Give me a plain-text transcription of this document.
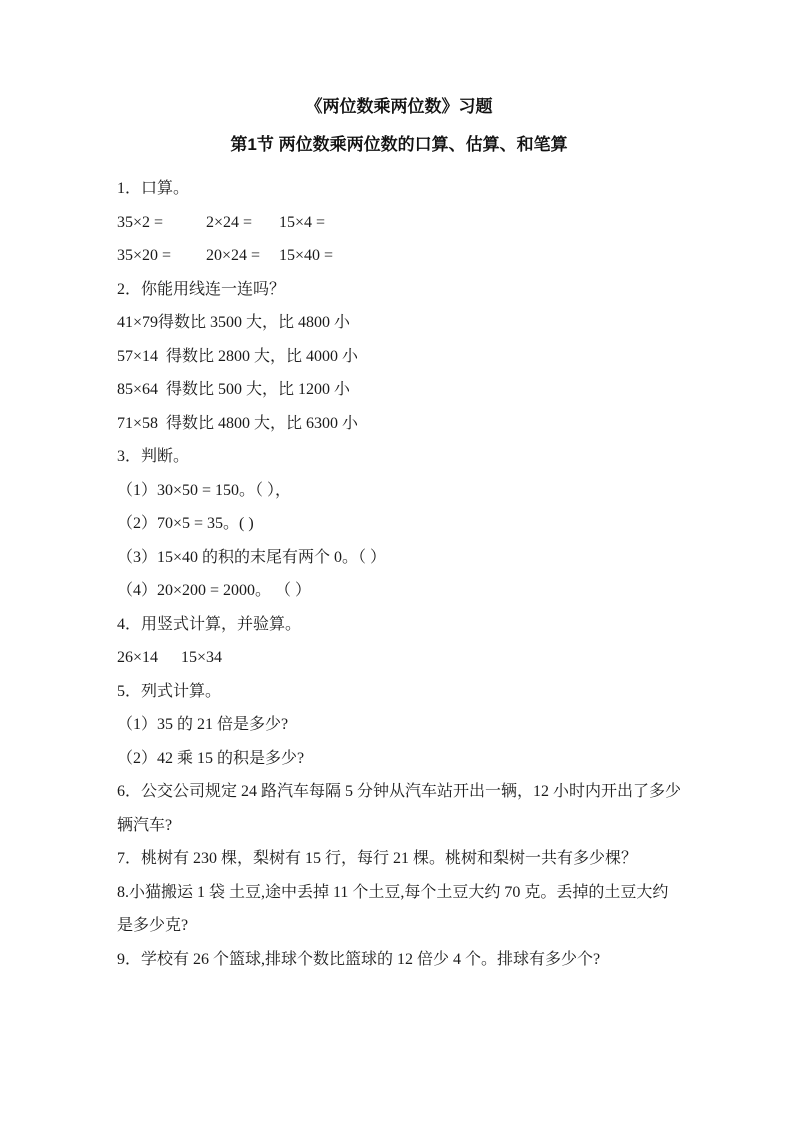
《两位数乘两位数》习题
第1节 两位数乘两位数的口算、估算、和笔算

1．口算。

35×2 =	2×24 = 15×4 =

35×20 = 20×24 = 15×40 =

2．你能用线连一连吗？

41×79得数比 3500 大，比 4800 小

57×14  得数比 2800 大，比 4000 小

85×64  得数比 500 大，比 1200 小

71×58  得数比 4800 大，比 6300 小

3．判断。

（1）30×50 = 150。（ ），

（2）70×5 = 35。( )

（3）15×40 的积的末尾有两个 0。（ ）

（4）20×200 = 2000。 （ ）

4．用竖式计算，并验算。

26×14 15×34

5．列式计算。

（1）35 的 21 倍是多少?

（2）42 乘 15 的积是多少?

6．公交公司规定 24 路汽车每隔 5 分钟从汽车站开出一辆，12 小时内开出了多少

辆汽车?

7．桃树有 230 棵，梨树有 15 行，每行 21 棵。桃树和梨树一共有多少棵？

8.小猫搬运 1 袋 土豆,途中丢掉 11 个土豆,每个土豆大约 70 克。丢掉的土豆大约

是多少克?

9．学校有 26 个篮球,排球个数比篮球的 12 倍少 4 个。排球有多少个?
